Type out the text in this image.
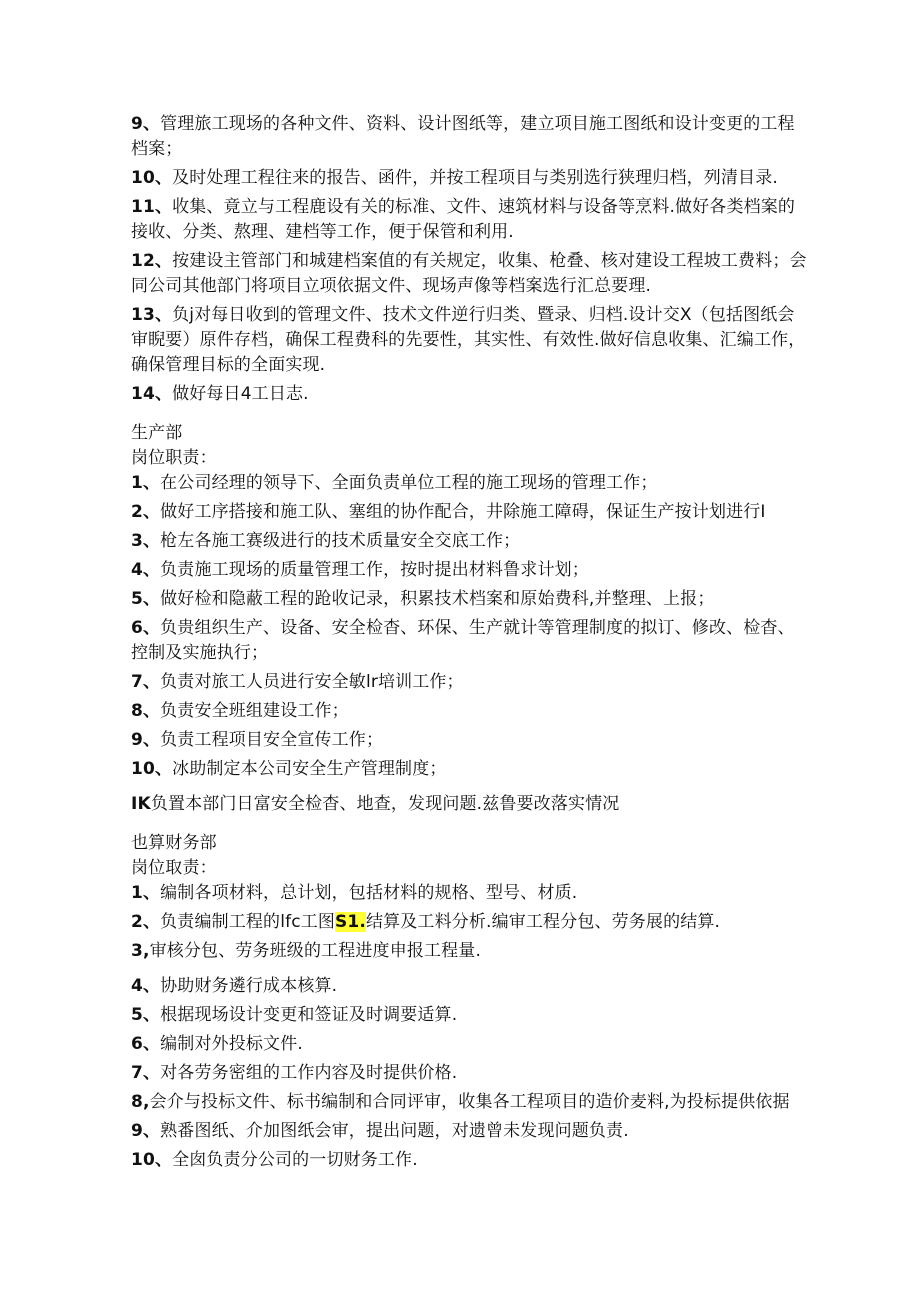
9、管理旅工现场的各种文件、资料、设计图纸等，建立项目施工图纸和设计变更的工程档案；

10、及时处理工程往来的报告、函件，并按工程项目与类别选行狭理归档，列清目录.

11、收集、竟立与工程鹿设有关的标准、文件、速筑材料与设备等烹料.做好各类档案的接收、分类、熬理、建档等工作，便于保管和利用.

12、按建设主管部门和城建档案值的有关规定，收集、枪叠、核对建设工程坡工费料；会同公司其他部门将项目立项依据文件、现场声像等档案选行汇总要理.

13、负j对每日收到的管理文件、技术文件逆行归类、暨录、归档.设计交X（包括图纸会审睨要）原件存档，确保工程费科的先要性，其实性、有效性.做好信息收集、汇编工作，确保管理目标的全面实现.

14、做好每日4工日志.

生产部

岗位职责：

1、在公司经理的领导下、全面负责单位工程的施工现场的管理工作；

2、做好工序搭接和施工队、塞组的协作配合，井除施工障碍，保证生产按计划进行I

3、枪左各施工赛级进行的技术质量安全交底工作；

4、负责施工现场的质量管理工作，按时提出材料鲁求计划；

5、做好检和隐蔽工程的跄收记录，积累技术档案和原始费科,并整理、上报；

6、负贵组织生产、设备、安全检杳、环保、生产就计等管理制度的拟订、修改、检杳、控制及实施执行；

7、负责对旅工人员进行安全敏lr培训工作；

8、负责安全班组建设工作；

9、负责工程项目安全宣传工作；

10、冰助制定本公司安全生产管理制度；

IK负置本部门日富安全检杳、地查，发现问题.兹鲁要改落实情况

也算财务部

岗位取责：

1、编制各项材料，总计划，包括材料的规格、型号、材质.

2、负责编制工程的lfc工图S1.结算及工料分析.编审工程分包、劳务展的结算.

3,审核分包、劳务班级的工程进度申报工程量.

4、协助财务遴行成本核算.

5、根据现场设计变更和签证及时调要适算.

6、编制对外投标文件.

7、对各劳务密组的工作内容及时提供价格.

8,会介与投标文件、标书编制和合同评审，收集各工程项目的造价麦料,为投标提供依据

9、熟番图纸、介加图纸会审，提出问题，对遗曾未发现问题负责.

10、全囱负责分公司的一切财务工作.
